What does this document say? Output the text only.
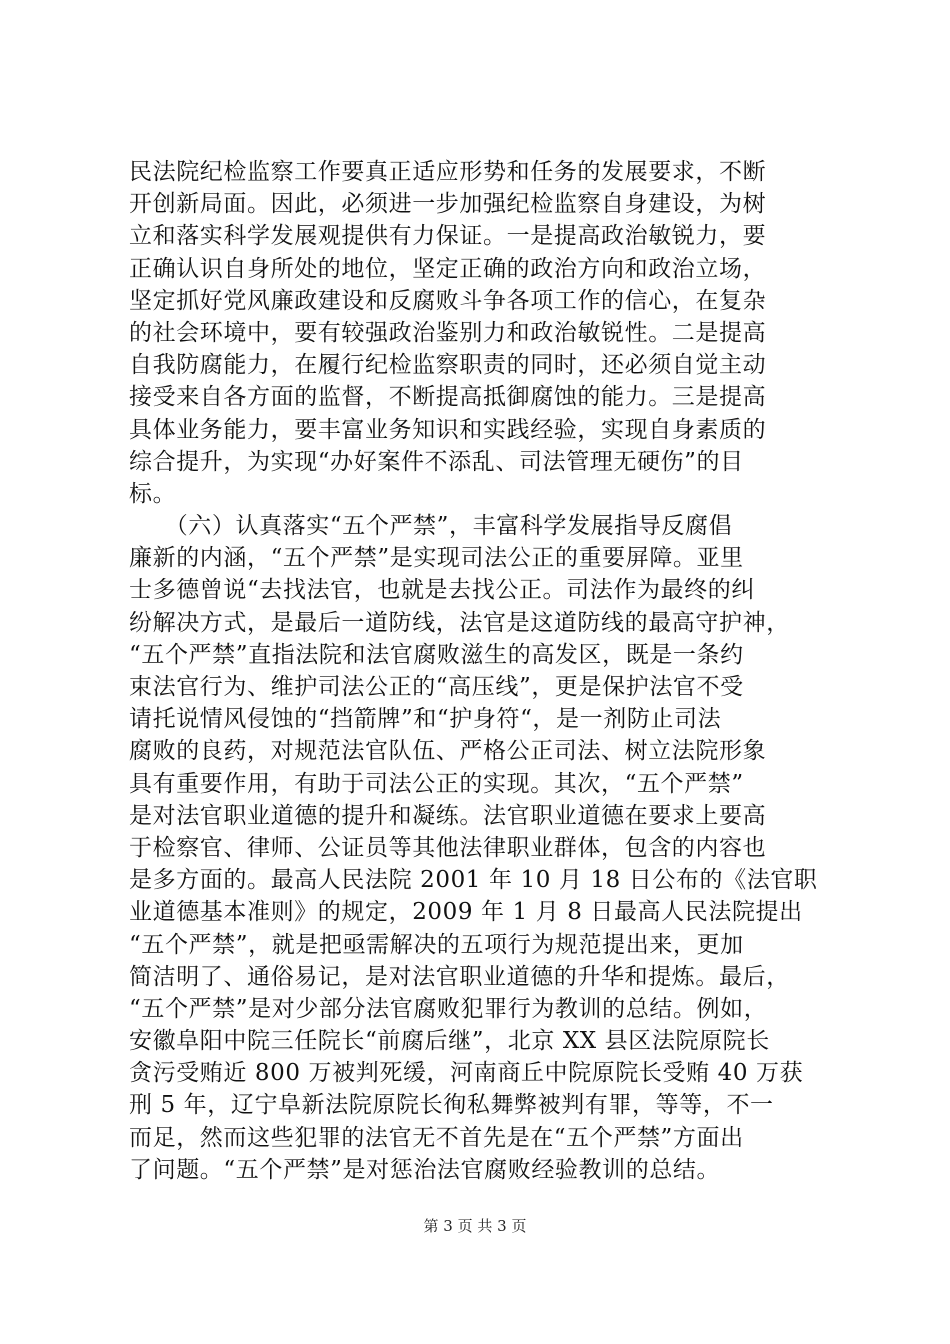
民法院纪检监察工作要真正适应形势和任务的发展要求，不断
开创新局面。因此，必须进一步加强纪检监察自身建设，为树
立和落实科学发展观提供有力保证。一是提高政治敏锐力，要
正确认识自身所处的地位，坚定正确的政治方向和政治立场，
坚定抓好党风廉政建设和反腐败斗争各项工作的信心，在复杂
的社会环境中，要有较强政治鉴别力和政治敏锐性。二是提高
自我防腐能力，在履行纪检监察职责的同时，还必须自觉主动
接受来自各方面的监督，不断提高抵御腐蚀的能力。三是提高
具体业务能力，要丰富业务知识和实践经验，实现自身素质的
综合提升，为实现“办好案件不添乱、司法管理无硬伤”的目
标。
　　（六）认真落实“五个严禁”，丰富科学发展指导反腐倡
廉新的内涵，“五个严禁”是实现司法公正的重要屏障。亚里
士多德曾说“去找法官，也就是去找公正。司法作为最终的纠
纷解决方式，是最后一道防线，法官是这道防线的最高守护神，
“五个严禁”直指法院和法官腐败滋生的高发区，既是一条约
束法官行为、维护司法公正的“高压线”，更是保护法官不受
请托说情风侵蚀的“挡箭牌”和“护身符“，是一剂防止司法
腐败的良药，对规范法官队伍、严格公正司法、树立法院形象
具有重要作用，有助于司法公正的实现。其次，“五个严禁”
是对法官职业道德的提升和凝练。法官职业道德在要求上要高
于检察官、律师、公证员等其他法律职业群体，包含的内容也
是多方面的。最高人民法院 2001 年 10 月 18 日公布的《法官职
业道德基本准则》的规定，2009 年 1 月 8 日最高人民法院提出
“五个严禁”，就是把亟需解决的五项行为规范提出来，更加
简洁明了、通俗易记，是对法官职业道德的升华和提炼。最后，
“五个严禁”是对少部分法官腐败犯罪行为教训的总结。例如，
安徽阜阳中院三任院长“前腐后继”，北京 XX 县区法院原院长
贪污受贿近 800 万被判死缓，河南商丘中院原院长受贿 40 万获
刑 5 年，辽宁阜新法院原院长徇私舞弊被判有罪，等等，不一
而足，然而这些犯罪的法官无不首先是在“五个严禁”方面出
了问题。“五个严禁”是对惩治法官腐败经验教训的总结。
第 3 页 共 3 页
